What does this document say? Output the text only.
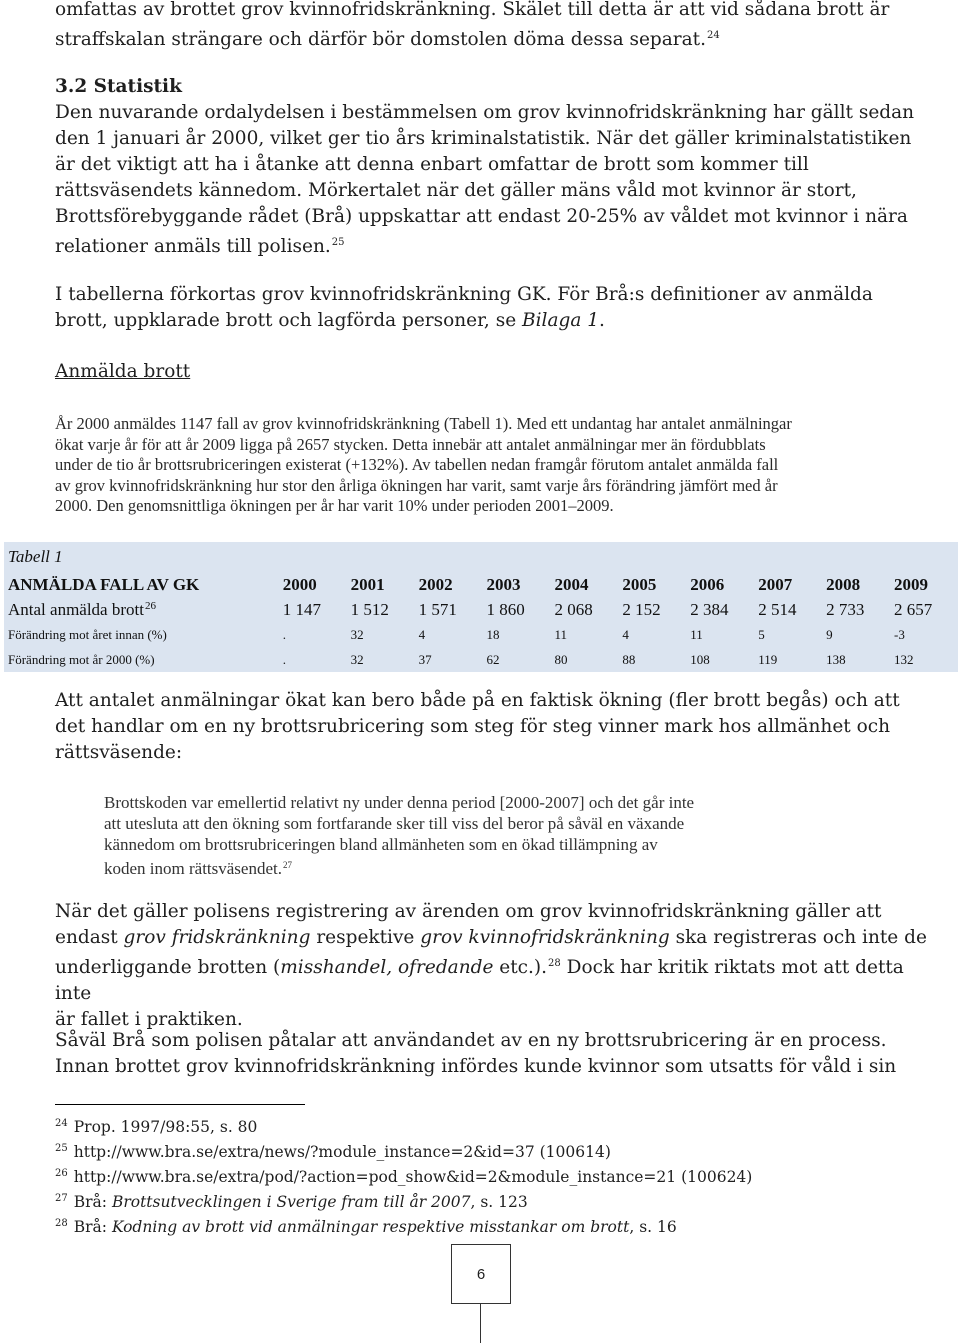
omfattas av brottet grov kvinnofridskränkning. Skälet till detta är att vid sådana brott är
straffskalan strängare och därför bör domstolen döma dessa separat.$^{24}$

3.2 Statistik

Den nuvarande ordalydelsen i bestämmelsen om grov kvinnofridskränkning har gällt sedan
den 1 januari år 2000, vilket ger tio års kriminalstatistik. När det gäller kriminalstatistiken
är det viktigt att ha i åtanke att denna enbart omfattar de brott som kommer till
rättsväsendets kännedom. Mörkertalet när det gäller mäns våld mot kvinnor är stort,
Brottsförebyggande rådet (Brå) uppskattar att endast 20-25% av våldet mot kvinnor i nära
relationer anmäls till polisen.$^{25}$

I tabellerna förkortas grov kvinnofridskränkning GK. För Brå:s definitioner av anmälda
brott, uppklarade brott och lagförda personer, se Bilaga 1.

Anmälda brott

År 2000 anmäldes 1147 fall av grov kvinnofridskränkning (Tabell 1). Med ett undantag har antalet anmälningar
ökat varje år för att år 2009 ligga på 2657 stycken. Detta innebär att antalet anmälningar mer än fördubblats
under de tio år brottsrubriceringen existerat (+132%). Av tabellen nedan framgår förutom antalet anmälda fall
av grov kvinnofridskränkning hur stor den årliga ökningen har varit, samt varje års förändring jämfört med år
2000. Den genomsnittliga ökningen per år har varit 10% under perioden 2001–2009.

Tabell 1										
ANMÄLDA FALL AV GK	2000	2001	2002	2003	2004	2005	2006	2007	2008	2009
Antal anmälda brott$^{26}$	1 147	1 512	1 571	1 860	2 068	2 152	2 384	2 514	2 733	2 657
Förändring mot året innan (%)	.	32	4	18	11	4	11	5	9	-3
Förändring mot år 2000 (%)	.	32	37	62	80	88	108	119	138	132

Att antalet anmälningar ökat kan bero både på en faktisk ökning (fler brott begås) och att
det handlar om en ny brottsrubricering som steg för steg vinner mark hos allmänhet och
rättsväsende:

Brottskoden var emellertid relativt ny under denna period [2000-2007] och det går inte
att utesluta att den ökning som fortfarande sker till viss del beror på såväl en växande
kännedom om brottsrubriceringen bland allmänheten som en ökad tillämpning av
koden inom rättsväsendet.$^{27}$

När det gäller polisens registrering av ärenden om grov kvinnofridskränkning gäller att
endast grov fridskränkning respektive grov kvinnofridskränkning ska registreras och inte de
underliggande brotten (misshandel, ofredande etc.).$^{28}$ Dock har kritik riktats mot att detta inte
är fallet i praktiken.

Såväl Brå som polisen påtalar att användandet av en ny brottsrubricering är en process.
Innan brottet grov kvinnofridskränkning infördes kunde kvinnor som utsatts för våld i sin

$^{24}$ Prop. 1997/98:55, s. 80
$^{25}$ http://www.bra.se/extra/news/?module_instance=2&id=37 (100614)
$^{26}$ http://www.bra.se/extra/pod/?action=pod_show&id=2&module_instance=21 (100624)
$^{27}$ Brå: Brottsutvecklingen i Sverige fram till år 2007, s. 123
$^{28}$ Brå: Kodning av brott vid anmälningar respektive misstankar om brott, s. 16

6
